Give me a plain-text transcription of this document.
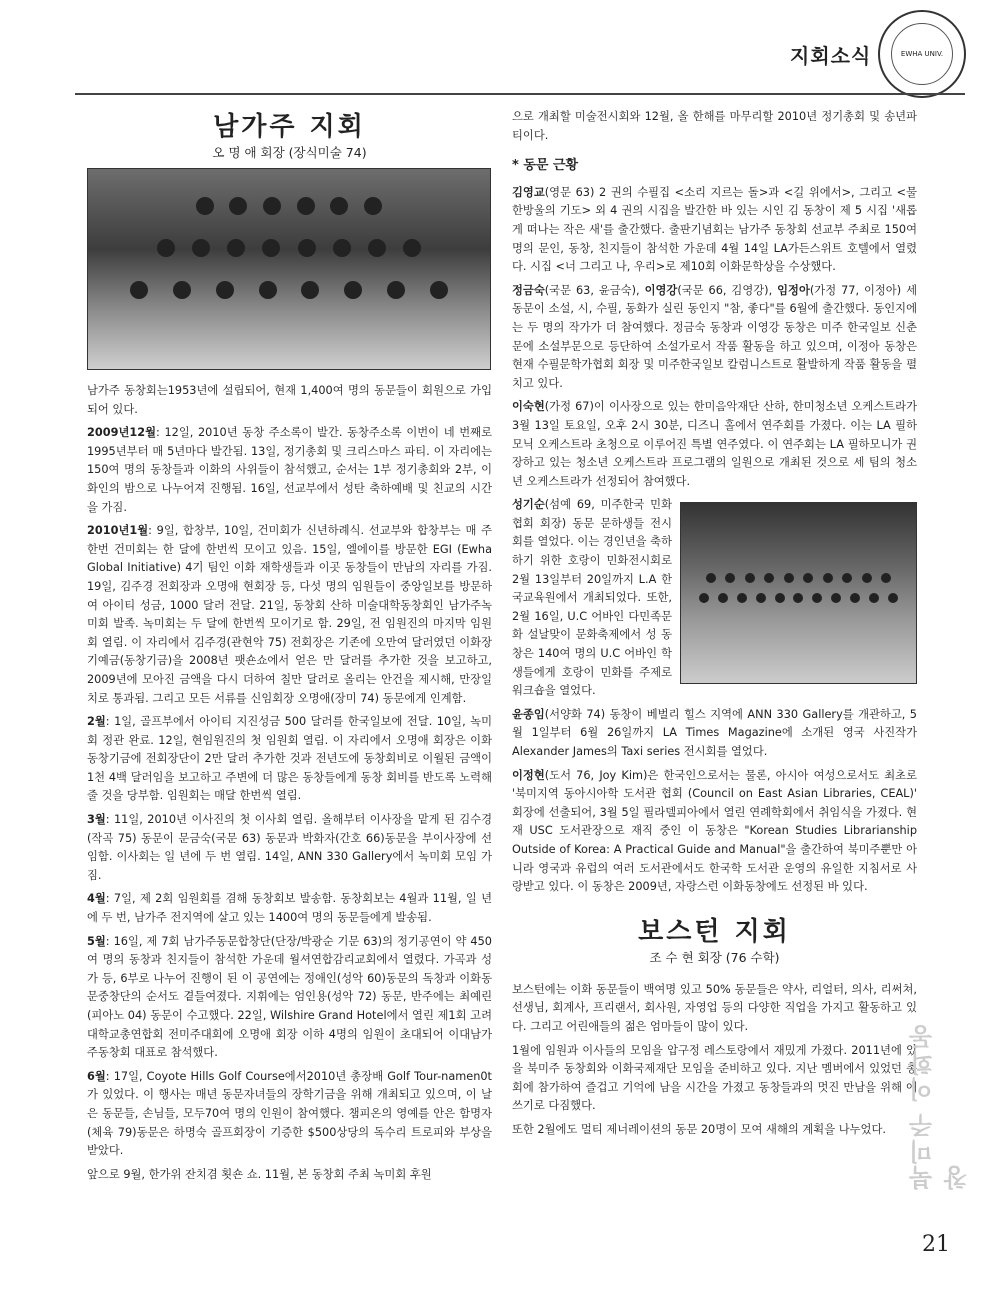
지회소식	EWHA UNIV.
남가주 지회
오 명 애 회장 (장식미술 74)

남가주 동창회는1953년에 설립되어, 현재 1,400여 명의 동문들이 회원으로 가입되어 있다.

2009년12월: 12일, 2010년 동창 주소록이 발간. 동창주소록 이번이 네 번째로 1995년부터 매 5년마다 발간됨. 13일, 정기총회 및 크리스마스 파티. 이 자리에는 150여 명의 동창들과 이화의 사위들이 참석했고, 순서는 1부 정기총회와 2부, 이화인의 밤으로 나누어져 진행됨. 16일, 선교부에서 성탄 축하예배 및 친교의 시간을 가짐.

2010년1월: 9일, 합창부, 10일, 건미회가 신년하례식. 선교부와 합창부는 매 주 한번 건미회는 한 달에 한번씩 모이고 있음. 15일, 엘에이를 방문한 EGI (Ewha Global Initiative) 4기 팀인 이화 재학생들과 이곳 동창들이 만남의 자리를 가짐. 19일, 김주경 전회장과 오명애 현회장 등, 다섯 명의 임원들이 중앙일보를 방문하여 아이티 성금, 1000 달러 전달. 21일, 동창회 산하 미술대학동창회인 남가주녹미회 발족. 녹미회는 두 달에 한번씩 모이기로 함. 29일, 전 임원진의 마지막 임원회 열림. 이 자리에서 김주경(관현악 75) 전회장은 기존에 오만여 달러였던 이화장기예금(동창기금)을 2008년 팻숀쇼에서 얻은 만 달러를 추가한 것을 보고하고, 2009년에 모아진 금액을 다시 더하여 칠만 달러로 올리는 안건을 제시해, 만장일치로 통과됨. 그리고 모든 서류를 신임회장 오명애(장미 74) 동문에게 인계함.

2월: 1일, 골프부에서 아이티 지진성금 500 달러를 한국일보에 전달. 10일, 녹미회 정관 완료. 12일, 현임원진의 첫 임원회 열림. 이 자리에서 오명애 회장은 이화동창기금에 전회장단이 2만 달러 추가한 것과 전년도에 동창회비로 이월된 금액이 1천 4백 달러임을 보고하고 주변에 더 많은 동창들에게 동창 회비를 반도록 노력해 줄 것을 당부함. 임원회는 매달 한번씩 열림.

3월: 11일, 2010년 이사진의 첫 이사회 열림. 올해부터 이사장을 맡게 된 김수경(작곡 75) 동문이 문금숙(국문 63) 동문과 박화자(간호 66)동문을 부이사장에 선임함. 이사회는 일 년에 두 번 열림. 14일, ANN 330 Gallery에서 녹미회 모임 가짐.

4월: 7일, 제 2회 임원회를 겸해 동창회보 발송함. 동창회보는 4월과 11월, 일 년에 두 번, 남가주 전지역에 살고 있는 1400여 명의 동문들에게 발송됨.

5월: 16일, 제 7회 남가주동문합창단(단장/박광순 기문 63)의 정기공연이 약 450여 명의 동창과 친지들이 참석한 가운데 월셔연합감리교회에서 열렸다. 가곡과 성가 등, 6부로 나누어 진행이 된 이 공연에는 정애인(성악 60)동문의 독창과 이화동문중창단의 순서도 곁들여졌다. 지휘에는 엄인용(성악 72) 동문, 반주에는 최예린(피아노 04) 동문이 수고했다. 22일, Wilshire Grand Hotel에서 열린 제1회 고려대학교총연합회 전미주대회에 오명애 회장 이하 4명의 임원이 초대되어 이대남가주동창회 대표로 참석했다.

6월: 17일, Coyote Hills Golf Course에서2010년 총장배 Golf Tour-namen0t가 있었다. 이 행사는 매년 동문자녀들의 장학기금을 위해 개최되고 있으며, 이 날은 동문들, 손님들, 모두70여 명의 인원이 참여했다. 챔피온의 영예를 안은 함명자(체육 79)동문은 하명숙 골프회장이 기증한 $500상당의 독수리 트로피와 부상을 받았다.

앞으로 9월, 한가위 잔치겸 횟숀 쇼. 11월, 본 동창회 주최 녹미회 후원

으로 개최할 미술전시회와 12월, 올 한해를 마무리할 2010년 정기총회 및 송년파티이다.

* 동문 근황

김영교(영문 63) 2 권의 수필집 <소리 지르는 돌>과 <길 위에서>, 그리고 <물 한방울의 기도> 외 4 권의 시집을 발간한 바 있는 시인 김 동창이 제 5 시집 '새롭게 떠나는 작은 새'를 출간했다. 출판기념회는 남가주 동창회 선교부 주최로 150여 명의 문인, 동창, 친지들이 참석한 가운데 4월 14일 LA가든스위트 호텔에서 열렸다. 시집 <너 그리고 나, 우리>로 제10회 이화문학상을 수상했다.

정금숙(국문 63, 윤금숙), 이영강(국문 66, 김영강), 임정아(가정 77, 이정아) 세 동문이 소설, 시, 수필, 동화가 실린 동인지 "참, 좋다"를 6월에 출간했다. 동인지에는 두 명의 작가가 더 참여했다. 정금숙 동창과 이영강 동창은 미주 한국일보 신춘문에 소설부문으로 등단하여 소설가로서 작품 활동을 하고 있으며, 이정아 동창은 현재 수필문학가협회 회장 및 미주한국일보 칼럼니스트로 활발하게 작품 활동을 펼치고 있다.

이숙현(가정 67)이 이사장으로 있는 한미음악재단 산하, 한미청소년 오케스트라가 3월 13일 토요일, 오후 2시 30분, 디즈니 홀에서 연주회를 가졌다. 이는 LA 필하모닉 오케스트라 초청으로 이루어진 특별 연주였다. 이 연주회는 LA 필하모니가 권장하고 있는 청소년 오케스트라 프로그램의 일원으로 개최된 것으로 세 팀의 청소년 오케스트라가 선정되어 참여했다.

성기순(섬예 69, 미주한국 민화협회 회장) 동문 문하생들 전시회를 열었다. 이는 경인년을 축하하기 위한 호랑이 민화전시회로 2월 13일부터 20일까지 L.A 한국교육원에서 개최되었다. 또한, 2월 16일, U.C 어바인 다민족문화 설날맞이 문화축제에서 성 동창은 140여 명의 U.C 어바인 학생들에게 호랑이 민화를 주제로 워크숍을 열었다.

윤종임(서양화 74) 동창이 베벌리 힐스 지역에 ANN 330 Gallery를 개관하고, 5월 1일부터 6월 26일까지 LA Times Magazine에 소개된 영국 사진작가 Alexander James의 Taxi series 전시회를 열었다.

이정현(도서 76, Joy Kim)은 한국인으로서는 물론, 아시아 여성으로서도 최초로 '북미지역 동아시아학 도서관 협회 (Council on East Asian Libraries, CEAL)' 회장에 선출되어, 3월 5일 필라델피아에서 열린 연례학회에서 취임식을 가졌다. 현재 USC 도서관장으로 재직 중인 이 동창은 "Korean Studies Librarianship Outside of Korea: A Practical Guide and Manual"을 출간하여 북미주뿐만 아니라 영국과 유럽의 여러 도서관에서도 한국학 도서관 운영의 유일한 지침서로 사랑받고 있다. 이 동창은 2009년, 자랑스런 이화동창에도 선정된 바 있다.

보스턴 지회
조 수 현 회장 (76 수학)

보스턴에는 이화 동문들이 백여명 있고 50% 동문들은 약사, 리얼터, 의사, 리써쳐, 선생님, 회계사, 프리랜서, 회사원, 자영업 등의 다양한 직업을 가지고 활동하고 있다. 그리고 어린애들의 젊은 엄마들이 많이 있다.

1월에 임원과 이사들의 모임을 압구정 레스토랑에서 재밌게 가졌다. 2011년에 있을 북미주 동창회와 이화국제재단 모임을 준비하고 있다. 지난 멤버에서 있었던 총회에 참가하여 즐겁고 기억에 남을 시간을 가졌고 동창들과의 멋진 만남을 위해 애쓰기로 다짐했다.

또한 2월에도 멀티 제너레이션의 동문 20명이 모여 새해의 계획을 나누었다. 북미주 이화동창
21
